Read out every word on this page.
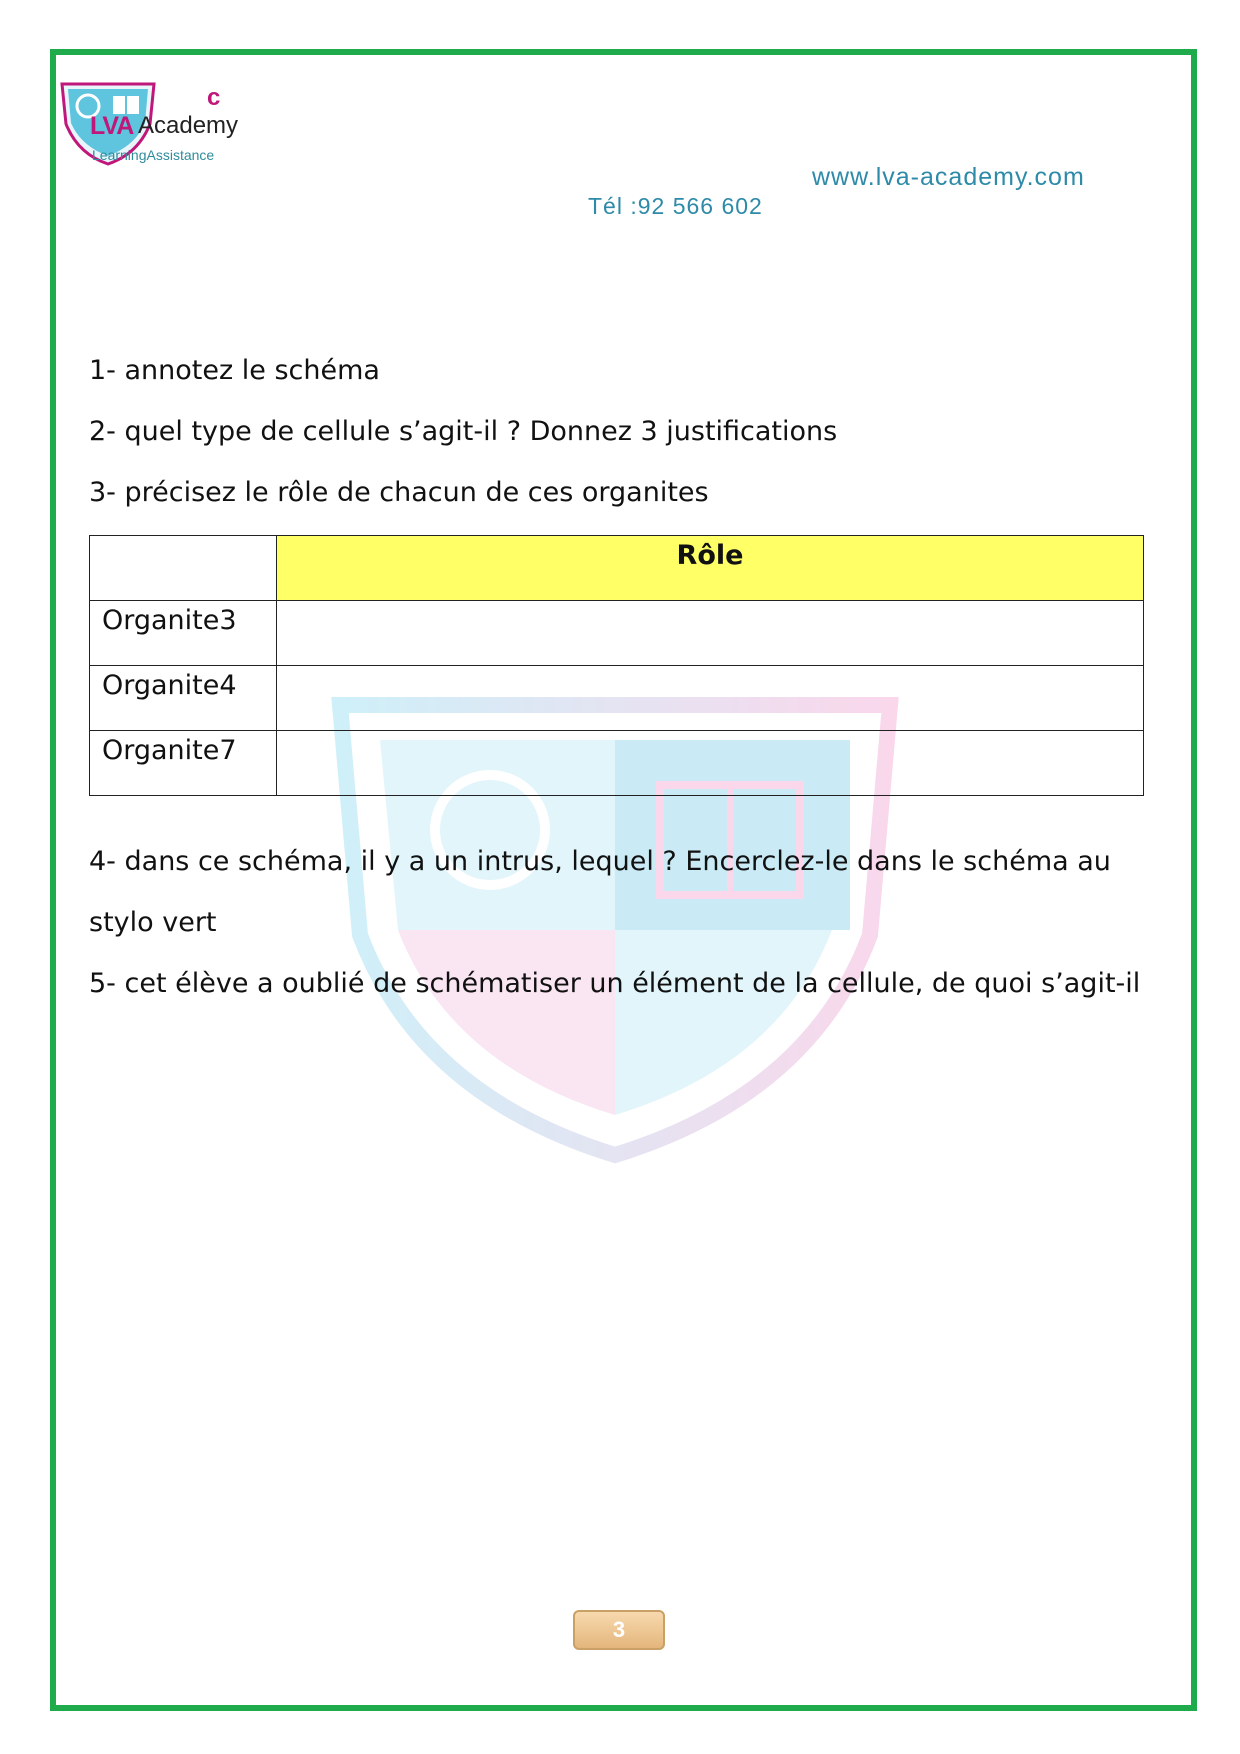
c
LVA Academy
LearningAssistance
www.lva-academy.com
Tél :92 566 602
1- annotez le schéma
2- quel type de cellule s’agit-il ? Donnez 3 justifications
3- précisez le rôle de chacun de ces organites
	Rôle
Organite3	
Organite4	
Organite7	
4- dans ce schéma, il y a un intrus, lequel ? Encerclez-le dans le schéma au
stylo vert
5- cet élève a oublié de schématiser un élément de la cellule, de quoi s’agit-il
3
